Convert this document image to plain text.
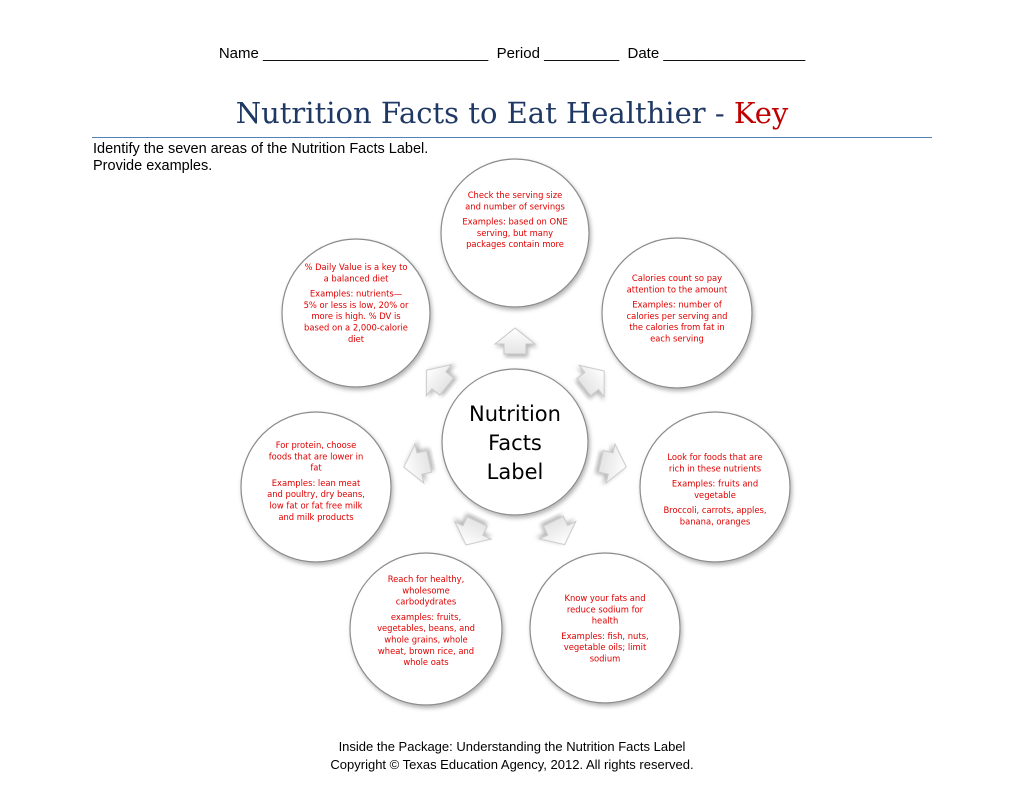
Name ___________________________  Period _________  Date _________________
Nutrition Facts to Eat Healthier - Key
Identify the seven areas of the Nutrition Facts Label.
Provide examples.
Nutrition
Facts
Label
Check the serving size
and number of servings
Examples: based on ONE
serving, but many
packages contain more
Calories count so pay
attention to the amount
Examples: number of
calories per serving and
the calories from fat in
each serving
Look for foods that are
rich in these nutrients
Examples: fruits and
vegetable
Broccoli, carrots, apples,
banana, oranges
Know your fats and
reduce sodium for
health
Examples: fish, nuts,
vegetable oils; limit
sodium
Reach for healthy,
wholesome
carbodydrates
examples: fruits,
vegetables, beans, and
whole grains, whole
wheat, brown rice, and
whole oats
For protein, choose
foods that are lower in
fat
Examples: lean meat
and poultry, dry beans,
low fat or fat free milk
and milk products
% Daily Value is a key to
a balanced diet
Examples: nutrients—
5% or less is low, 20% or
more is high. % DV is
based on a 2,000-calorie
diet
Inside the Package: Understanding the Nutrition Facts Label
Copyright © Texas Education Agency, 2012. All rights reserved.
